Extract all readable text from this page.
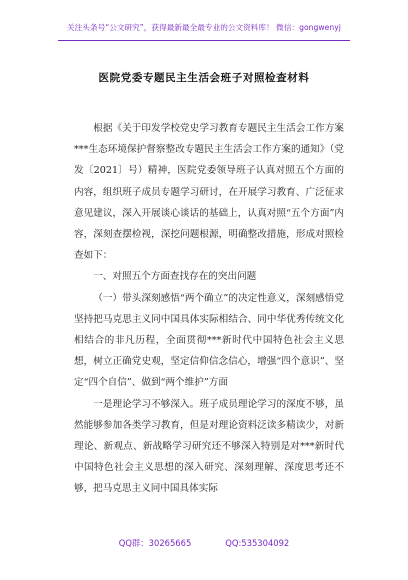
关注头条号“公文研究”，获得最新最全最专业的公文资料库！ 微信：gongwenyj
医院党委专题民主生活会班子对照检查材料

根据《关于印发学校党史学习教育专题民主生活会工作方案***生态环境保护督察整改专题民主生活会工作方案的通知》（党发〔2021〕号）精神，医院党委领导班子认真对照五个方面的内容，组织班子成员专题学习研讨，在开展学习教育、广泛征求意见建议，深入开展谈心谈话的基础上，认真对照“五个方面”内容，深刻查摆检视，深挖问题根源，明确整改措施，形成对照检查如下：

一、对照五个方面查找存在的突出问题

（一）带头深刻感悟“两个确立”的决定性意义，深刻感悟党坚持把马克思主义同中国具体实际相结合、同中华优秀传统文化相结合的非凡历程，全面贯彻***新时代中国特色社会主义思想，树立正确党史观，坚定信仰信念信心，增强“四个意识”、坚定“四个自信”、做到“两个维护”方面

一是理论学习不够深入。班子成员理论学习的深度不够，虽然能够参加各类学习教育，但是对理论资料泛读多精读少，对新理论、新观点、新战略学习研究还不够深入特别是对***新时代中国特色社会主义思想的深入研究、深刻理解、深度思考还不够，把马克思主义同中国具体实际

QQ群：30265665	QQ:535304092
